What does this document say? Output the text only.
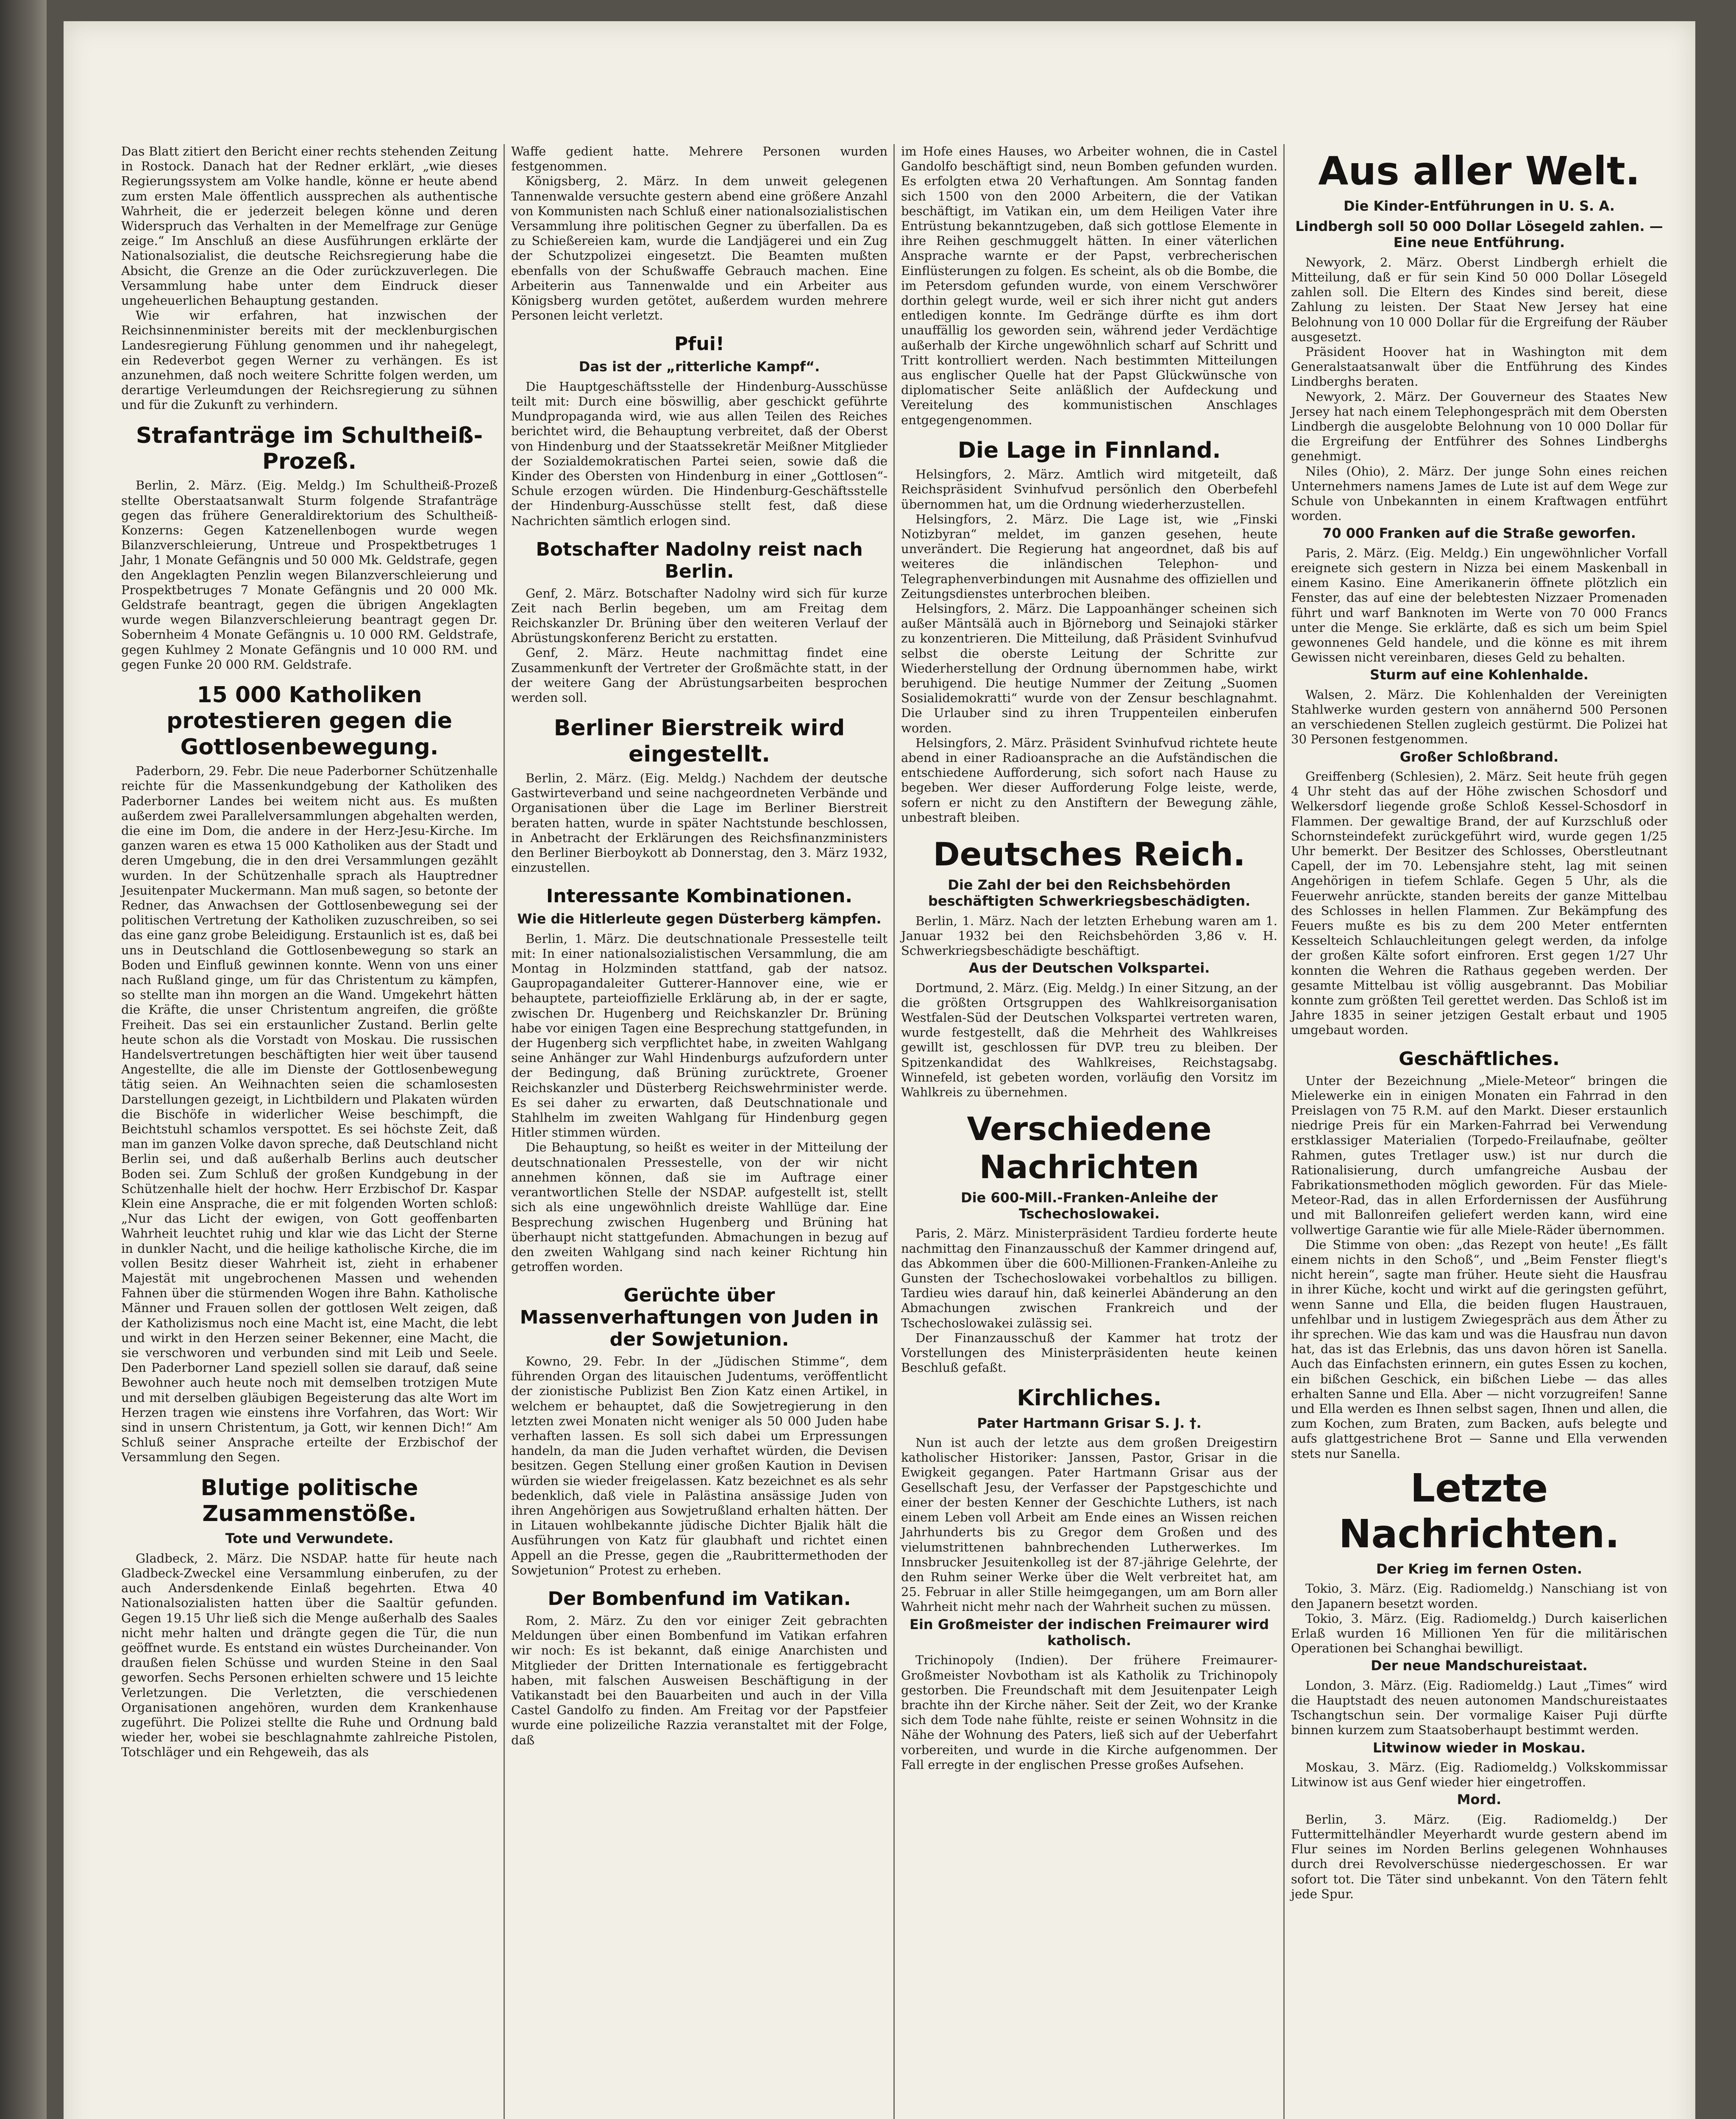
Das Blatt zitiert den Bericht einer rechts stehenden Zeitung in Rostock. Danach hat der Redner erklärt, „wie dieses Regierungssystem am Volke handle, könne er heute abend zum ersten Male öffentlich aussprechen als authentische Wahrheit, die er jederzeit belegen könne und deren Widerspruch das Verhalten in der Memelfrage zur Genüge zeige.“ Im Anschluß an diese Ausführungen erklärte der Nationalsozialist, die deutsche Reichsregierung habe die Absicht, die Grenze an die Oder zurückzuverlegen. Die Versammlung habe unter dem Eindruck dieser ungeheuerlichen Behauptung gestanden.

Wie wir erfahren, hat inzwischen der Reichsinnenminister bereits mit der mecklenburgischen Landesregierung Fühlung genommen und ihr nahegelegt, ein Redeverbot gegen Werner zu verhängen. Es ist anzunehmen, daß noch weitere Schritte folgen werden, um derartige Verleumdungen der Reichsregierung zu sühnen und für die Zukunft zu verhindern.

Strafanträge im Schultheiß-Prozeß.

Berlin, 2. März. (Eig. Meldg.) Im Schultheiß-Prozeß stellte Oberstaatsanwalt Sturm folgende Strafanträge gegen das frühere Generaldirektorium des Schultheiß-Konzerns: Gegen Katzenellenbogen wurde wegen Bilanzverschleierung, Untreue und Prospektbetruges 1 Jahr, 1 Monate Gefängnis und 50 000 Mk. Geldstrafe, gegen den Angeklagten Penzlin wegen Bilanzverschleierung und Prospektbetruges 7 Monate Gefängnis und 20 000 Mk. Geldstrafe beantragt, gegen die übrigen Angeklagten wurde wegen Bilanzverschleierung beantragt gegen Dr. Sobernheim 4 Monate Gefängnis u. 10 000 RM. Geldstrafe, gegen Kuhlmey 2 Monate Gefängnis und 10 000 RM. und gegen Funke 20 000 RM. Geldstrafe.

15 000 Katholiken protestieren gegen die Gottlosenbewegung.

Paderborn, 29. Febr. Die neue Paderborner Schützenhalle reichte für die Massenkundgebung der Katholiken des Paderborner Landes bei weitem nicht aus. Es mußten außerdem zwei Parallelversammlungen abgehalten werden, die eine im Dom, die andere in der Herz-Jesu-Kirche. Im ganzen waren es etwa 15 000 Katholiken aus der Stadt und deren Umgebung, die in den drei Versammlungen gezählt wurden. In der Schützenhalle sprach als Hauptredner Jesuitenpater Muckermann. Man muß sagen, so betonte der Redner, das Anwachsen der Gottlosenbewegung sei der politischen Vertretung der Katholiken zuzuschreiben, so sei das eine ganz grobe Beleidigung. Erstaunlich ist es, daß bei uns in Deutschland die Gottlosenbewegung so stark an Boden und Einfluß gewinnen konnte. Wenn von uns einer nach Rußland ginge, um für das Christentum zu kämpfen, so stellte man ihn morgen an die Wand. Umgekehrt hätten die Kräfte, die unser Christentum angreifen, die größte Freiheit. Das sei ein erstaunlicher Zustand. Berlin gelte heute schon als die Vorstadt von Moskau. Die russischen Handelsvertretungen beschäftigten hier weit über tausend Angestellte, die alle im Dienste der Gottlosenbewegung tätig seien. An Weihnachten seien die schamlosesten Darstellungen gezeigt, in Lichtbildern und Plakaten würden die Bischöfe in widerlicher Weise beschimpft, die Beichtstuhl schamlos verspottet. Es sei höchste Zeit, daß man im ganzen Volke davon spreche, daß Deutschland nicht Berlin sei, und daß außerhalb Berlins auch deutscher Boden sei. Zum Schluß der großen Kundgebung in der Schützenhalle hielt der hochw. Herr Erzbischof Dr. Kaspar Klein eine Ansprache, die er mit folgenden Worten schloß: „Nur das Licht der ewigen, von Gott geoffenbarten Wahrheit leuchtet ruhig und klar wie das Licht der Sterne in dunkler Nacht, und die heilige katholische Kirche, die im vollen Besitz dieser Wahrheit ist, zieht in erhabener Majestät mit ungebrochenen Massen und wehenden Fahnen über die stürmenden Wogen ihre Bahn. Katholische Männer und Frauen sollen der gottlosen Welt zeigen, daß der Katholizismus noch eine Macht ist, eine Macht, die lebt und wirkt in den Herzen seiner Bekenner, eine Macht, die sie verschworen und verbunden sind mit Leib und Seele. Den Paderborner Land speziell sollen sie darauf, daß seine Bewohner auch heute noch mit demselben trotzigen Mute und mit derselben gläubigen Begeisterung das alte Wort im Herzen tragen wie einstens ihre Vorfahren, das Wort: Wir sind in unsern Christentum, ja Gott, wir kennen Dich!“ Am Schluß seiner Ansprache erteilte der Erzbischof der Versammlung den Segen.

Blutige politische Zusammenstöße.
Tote und Verwundete.

Gladbeck, 2. März. Die NSDAP. hatte für heute nach Gladbeck-Zweckel eine Versammlung einberufen, zu der auch Andersdenkende Einlaß begehrten. Etwa 40 Nationalsozialisten hatten über die Saaltür gefunden. Gegen 19.15 Uhr ließ sich die Menge außerhalb des Saales nicht mehr halten und drängte gegen die Tür, die nun geöffnet wurde. Es entstand ein wüstes Durcheinander. Von draußen fielen Schüsse und wurden Steine in den Saal geworfen. Sechs Personen erhielten schwere und 15 leichte Verletzungen. Die Verletzten, die verschiedenen Organisationen angehören, wurden dem Krankenhause zugeführt. Die Polizei stellte die Ruhe und Ordnung bald wieder her, wobei sie beschlagnahmte zahlreiche Pistolen, Totschläger und ein Rehgeweih, das als

Waffe gedient hatte. Mehrere Personen wurden festgenommen.

Königsberg, 2. März. In dem unweit gelegenen Tannenwalde versuchte gestern abend eine größere Anzahl von Kommunisten nach Schluß einer nationalsozialistischen Versammlung ihre politischen Gegner zu überfallen. Da es zu Schießereien kam, wurde die Landjägerei und ein Zug der Schutzpolizei eingesetzt. Die Beamten mußten ebenfalls von der Schußwaffe Gebrauch machen. Eine Arbeiterin aus Tannenwalde und ein Arbeiter aus Königsberg wurden getötet, außerdem wurden mehrere Personen leicht verletzt.

Pfui!
Das ist der „ritterliche Kampf“.

Die Hauptgeschäftsstelle der Hindenburg-Ausschüsse teilt mit: Durch eine böswillig, aber geschickt geführte Mundpropaganda wird, wie aus allen Teilen des Reiches berichtet wird, die Behauptung verbreitet, daß der Oberst von Hindenburg und der Staatssekretär Meißner Mitglieder der Sozialdemokratischen Partei seien, sowie daß die Kinder des Obersten von Hindenburg in einer „Gottlosen“-Schule erzogen würden. Die Hindenburg-Geschäftsstelle der Hindenburg-Ausschüsse stellt fest, daß diese Nachrichten sämtlich erlogen sind.

Botschafter Nadolny reist nach Berlin.

Genf, 2. März. Botschafter Nadolny wird sich für kurze Zeit nach Berlin begeben, um am Freitag dem Reichskanzler Dr. Brüning über den weiteren Verlauf der Abrüstungskonferenz Bericht zu erstatten.

Genf, 2. März. Heute nachmittag findet eine Zusammenkunft der Vertreter der Großmächte statt, in der der weitere Gang der Abrüstungsarbeiten besprochen werden soll.

Berliner Bierstreik wird eingestellt.

Berlin, 2. März. (Eig. Meldg.) Nachdem der deutsche Gastwirteverband und seine nachgeordneten Verbände und Organisationen über die Lage im Berliner Bierstreit beraten hatten, wurde in später Nachtstunde beschlossen, in Anbetracht der Erklärungen des Reichsfinanzministers den Berliner Bierboykott ab Donnerstag, den 3. März 1932, einzustellen.

Interessante Kombinationen.
Wie die Hitlerleute gegen Düsterberg kämpfen.

Berlin, 1. März. Die deutschnationale Pressestelle teilt mit: In einer nationalsozialistischen Versammlung, die am Montag in Holzminden stattfand, gab der natsoz. Gaupropagandaleiter Gutterer-Hannover eine, wie er behauptete, parteiofﬁzielle Erklärung ab, in der er sagte, zwischen Dr. Hugenberg und Reichskanzler Dr. Brüning habe vor einigen Tagen eine Besprechung stattgefunden, in der Hugenberg sich verpflichtet habe, in zweiten Wahlgang seine Anhänger zur Wahl Hindenburgs aufzufordern unter der Bedingung, daß Brüning zurücktrete, Groener Reichskanzler und Düsterberg Reichswehrminister werde. Es sei daher zu erwarten, daß Deutschnationale und Stahlhelm im zweiten Wahlgang für Hindenburg gegen Hitler stimmen würden.

Die Behauptung, so heißt es weiter in der Mitteilung der deutschnationalen Pressestelle, von der wir nicht annehmen können, daß sie im Auftrage einer verantwortlichen Stelle der NSDAP. aufgestellt ist, stellt sich als eine ungewöhnlich dreiste Wahllüge dar. Eine Besprechung zwischen Hugenberg und Brüning hat überhaupt nicht stattgefunden. Abmachungen in bezug auf den zweiten Wahlgang sind nach keiner Richtung hin getroffen worden.

Gerüchte über Massenverhaftungen von Juden in der Sowjetunion.

Kowno, 29. Febr. In der „Jüdischen Stimme“, dem führenden Organ des litauischen Judentums, veröffentlicht der zionistische Publizist Ben Zion Katz einen Artikel, in welchem er behauptet, daß die Sowjetregierung in den letzten zwei Monaten nicht weniger als 50 000 Juden habe verhaften lassen. Es soll sich dabei um Erpressungen handeln, da man die Juden verhaftet würden, die Devisen besitzen. Gegen Stellung einer großen Kaution in Devisen würden sie wieder freigelassen. Katz bezeichnet es als sehr bedenklich, daß viele in Palästina ansässige Juden von ihren Angehörigen aus Sowjetrußland erhalten hätten. Der in Litauen wohlbekannte jüdische Dichter Bjalik hält die Ausführungen von Katz für glaubhaft und richtet einen Appell an die Presse, gegen die „Raubrittermethoden der Sowjetunion“ Protest zu erheben.

Der Bombenfund im Vatikan.

Rom, 2. März. Zu den vor einiger Zeit gebrachten Meldungen über einen Bombenfund im Vatikan erfahren wir noch: Es ist bekannt, daß einige Anarchisten und Mitglieder der Dritten Internationale es fertiggebracht haben, mit falschen Ausweisen Beschäftigung in der Vatikanstadt bei den Bauarbeiten und auch in der Villa Castel Gandolfo zu finden. Am Freitag vor der Papstfeier wurde eine polizeiliche Razzia veranstaltet mit der Folge, daß

im Hofe eines Hauses, wo Arbeiter wohnen, die in Castel Gandolfo beschäftigt sind, neun Bomben gefunden wurden. Es erfolgten etwa 20 Verhaftungen. Am Sonntag fanden sich 1500 von den 2000 Arbeitern, die der Vatikan beschäftigt, im Vatikan ein, um dem Heiligen Vater ihre Entrüstung bekanntzugeben, daß sich gottlose Elemente in ihre Reihen geschmuggelt hätten. In einer väterlichen Ansprache warnte er der Papst, verbrecherischen Einflüsterungen zu folgen. Es scheint, als ob die Bombe, die im Petersdom gefunden wurde, von einem Verschwörer dorthin gelegt wurde, weil er sich ihrer nicht gut anders entledigen konnte. Im Gedränge dürfte es ihm dort unauffällig los geworden sein, während jeder Verdächtige außerhalb der Kirche ungewöhnlich scharf auf Schritt und Tritt kontrolliert werden. Nach bestimmten Mitteilungen aus englischer Quelle hat der Papst Glückwünsche von diplomatischer Seite anläßlich der Aufdeckung und Vereitelung des kommunistischen Anschlages entgegengenommen.

Die Lage in Finnland.

Helsingfors, 2. März. Amtlich wird mitgeteilt, daß Reichspräsident Svinhufvud persönlich den Oberbefehl übernommen hat, um die Ordnung wiederherzustellen.

Helsingfors, 2. März. Die Lage ist, wie „Finski Notizbyran“ meldet, im ganzen gesehen, heute unverändert. Die Regierung hat angeordnet, daß bis auf weiteres die inländischen Telephon- und Telegraphenverbindungen mit Ausnahme des offiziellen und Zeitungsdienstes unterbrochen bleiben.

Helsingfors, 2. März. Die Lappoanhänger scheinen sich außer Mäntsälä auch in Björneborg und Seinajoki stärker zu konzentrieren. Die Mitteilung, daß Präsident Svinhufvud selbst die oberste Leitung der Schritte zur Wiederherstellung der Ordnung übernommen habe, wirkt beruhigend. Die heutige Nummer der Zeitung „Suomen Sosialidemokratti“ wurde von der Zensur beschlagnahmt. Die Urlauber sind zu ihren Truppenteilen einberufen worden.

Helsingfors, 2. März. Präsident Svinhufvud richtete heute abend in einer Radioansprache an die Aufständischen die entschiedene Aufforderung, sich sofort nach Hause zu begeben. Wer dieser Aufforderung Folge leiste, werde, sofern er nicht zu den Anstiftern der Bewegung zähle, unbestraft bleiben.

Deutsches Reich.
Die Zahl der bei den Reichsbehörden beschäftigten Schwerkriegsbeschädigten.

Berlin, 1. März. Nach der letzten Erhebung waren am 1. Januar 1932 bei den Reichsbehörden 3,86 v. H. Schwerkriegsbeschädigte beschäftigt.

Aus der Deutschen Volkspartei.

Dortmund, 2. März. (Eig. Meldg.) In einer Sitzung, an der die größten Ortsgruppen des Wahlkreisorganisation Westfalen-Süd der Deutschen Volkspartei vertreten waren, wurde festgestellt, daß die Mehrheit des Wahlkreises gewillt ist, geschlossen für DVP. treu zu bleiben. Der Spitzenkandidat des Wahlkreises, Reichstagsabg. Winnefeld, ist gebeten worden, vorläufig den Vorsitz im Wahlkreis zu übernehmen.

Verschiedene Nachrichten
Die 600-Mill.-Franken-Anleihe der Tschechoslowakei.

Paris, 2. März. Ministerpräsident Tardieu forderte heute nachmittag den Finanzausschuß der Kammer dringend auf, das Abkommen über die 600-Millionen-Franken-Anleihe zu Gunsten der Tschechoslowakei vorbehaltlos zu billigen. Tardieu wies darauf hin, daß keinerlei Abänderung an den Abmachungen zwischen Frankreich und der Tschechoslowakei zulässig sei.

Der Finanzausschuß der Kammer hat trotz der Vorstellungen des Ministerpräsidenten heute keinen Beschluß gefaßt.

Kirchliches.
Pater Hartmann Grisar S. J. †.

Nun ist auch der letzte aus dem großen Dreigestirn katholischer Historiker: Janssen, Pastor, Grisar in die Ewigkeit gegangen. Pater Hartmann Grisar aus der Gesellschaft Jesu, der Verfasser der Papstgeschichte und einer der besten Kenner der Geschichte Luthers, ist nach einem Leben voll Arbeit am Ende eines an Wissen reichen Jahrhunderts bis zu Gregor dem Großen und des vielumstrittenen bahnbrechenden Lutherwerkes. Im Innsbrucker Jesuitenkolleg ist der 87-jährige Gelehrte, der den Ruhm seiner Werke über die Welt verbreitet hat, am 25. Februar in aller Stille heimgegangen, um am Born aller Wahrheit nicht mehr nach der Wahrheit suchen zu müssen.

Ein Großmeister der indischen Freimaurer wird katholisch.

Trichinopoly (Indien). Der frühere Freimaurer-Großmeister Novbotham ist als Katholik zu Trichinopoly gestorben. Die Freundschaft mit dem Jesuitenpater Leigh brachte ihn der Kirche näher. Seit der Zeit, wo der Kranke sich dem Tode nahe fühlte, reiste er seinen Wohnsitz in die Nähe der Wohnung des Paters, ließ sich auf der Ueberfahrt vorbereiten, und wurde in die Kirche aufgenommen. Der Fall erregte in der englischen Presse großes Aufsehen.

Aus aller Welt.
Die Kinder-Entführungen in U. S. A.
Lindbergh soll 50 000 Dollar Lösegeld zahlen. — Eine neue Entführung.

Newyork, 2. März. Oberst Lindbergh erhielt die Mitteilung, daß er für sein Kind 50 000 Dollar Lösegeld zahlen soll. Die Eltern des Kindes sind bereit, diese Zahlung zu leisten. Der Staat New Jersey hat eine Belohnung von 10 000 Dollar für die Ergreifung der Räuber ausgesetzt.

Präsident Hoover hat in Washington mit dem Generalstaatsanwalt über die Entführung des Kindes Lindberghs beraten.

Newyork, 2. März. Der Gouverneur des Staates New Jersey hat nach einem Telephongespräch mit dem Obersten Lindbergh die ausgelobte Belohnung von 10 000 Dollar für die Ergreifung der Entführer des Sohnes Lindberghs genehmigt.

Niles (Ohio), 2. März. Der junge Sohn eines reichen Unternehmers namens James de Lute ist auf dem Wege zur Schule von Unbekannten in einem Kraftwagen entführt worden.

70 000 Franken auf die Straße geworfen.

Paris, 2. März. (Eig. Meldg.) Ein ungewöhnlicher Vorfall ereignete sich gestern in Nizza bei einem Maskenball in einem Kasino. Eine Amerikanerin öffnete plötzlich ein Fenster, das auf eine der belebtesten Nizzaer Promenaden führt und warf Banknoten im Werte von 70 000 Francs unter die Menge. Sie erklärte, daß es sich um beim Spiel gewonnenes Geld handele, und die könne es mit ihrem Gewissen nicht vereinbaren, dieses Geld zu behalten.

Sturm auf eine Kohlenhalde.

Walsen, 2. März. Die Kohlenhalden der Vereinigten Stahlwerke wurden gestern von annähernd 500 Personen an verschiedenen Stellen zugleich gestürmt. Die Polizei hat 30 Personen festgenommen.

Großer Schloßbrand.

Greiffenberg (Schlesien), 2. März. Seit heute früh gegen 4 Uhr steht das auf der Höhe zwischen Schosdorf und Welkersdorf liegende große Schloß Kessel-Schosdorf in Flammen. Der gewaltige Brand, der auf Kurzschluß oder Schornsteindefekt zurückgeführt wird, wurde gegen 1/25 Uhr bemerkt. Der Besitzer des Schlosses, Oberstleutnant Capell, der im 70. Lebensjahre steht, lag mit seinen Angehörigen in tiefem Schlafe. Gegen 5 Uhr, als die Feuerwehr anrückte, standen bereits der ganze Mittelbau des Schlosses in hellen Flammen. Zur Bekämpfung des Feuers mußte es bis zu dem 200 Meter entfernten Kesselteich Schlauchleitungen gelegt werden, da infolge der großen Kälte sofort einfroren. Erst gegen 1/27 Uhr konnten die Wehren die Rathaus gegeben werden. Der gesamte Mittelbau ist völlig ausgebrannt. Das Mobiliar konnte zum größten Teil gerettet werden. Das Schloß ist im Jahre 1835 in seiner jetzigen Gestalt erbaut und 1905 umgebaut worden.

Geschäftliches.

Unter der Bezeichnung „Miele-Meteor“ bringen die Mielewerke ein in einigen Monaten ein Fahrrad in den Preislagen von 75 R.M. auf den Markt. Dieser erstaunlich niedrige Preis für ein Marken-Fahrrad bei Verwendung erstklassiger Materialien (Torpedo-Freilaufnabe, geölter Rahmen, gutes Tretlager usw.) ist nur durch die Rationalisierung, durch umfangreiche Ausbau der Fabrikationsmethoden möglich geworden. Für das Miele-Meteor-Rad, das in allen Erfordernissen der Ausführung und mit Ballonreifen geliefert werden kann, wird eine vollwertige Garantie wie für alle Miele-Räder übernommen.

Die Stimme von oben: „das Rezept von heute! „Es fällt einem nichts in den Schoß“, und „Beim Fenster fliegt's nicht herein“, sagte man früher. Heute sieht die Hausfrau in ihrer Küche, kocht und wirkt auf die geringsten geführt, wenn Sanne und Ella, die beiden flugen Haustrauen, unfehlbar und in lustigem Zwiegespräch aus dem Äther zu ihr sprechen. Wie das kam und was die Hausfrau nun davon hat, das ist das Erlebnis, das uns davon hören ist Sanella. Auch das Einfachsten erinnern, ein gutes Essen zu kochen, ein bißchen Geschick, ein bißchen Liebe — das alles erhalten Sanne und Ella. Aber — nicht vorzugreifen! Sanne und Ella werden es Ihnen selbst sagen, Ihnen und allen, die zum Kochen, zum Braten, zum Backen, aufs belegte und aufs glattgestrichene Brot — Sanne und Ella verwenden stets nur Sanella.

Letzte Nachrichten.
Der Krieg im fernen Osten.

Tokio, 3. März. (Eig. Radiomeldg.) Nanschiang ist von den Japanern besetzt worden.

Tokio, 3. März. (Eig. Radiomeldg.) Durch kaiserlichen Erlaß wurden 16 Millionen Yen für die militärischen Operationen bei Schanghai bewilligt.

Der neue Mandschureistaat.

London, 3. März. (Eig. Radiomeldg.) Laut „Times“ wird die Hauptstadt des neuen autonomen Mandschureistaates Tschangtschun sein. Der vormalige Kaiser Puji dürfte binnen kurzem zum Staatsoberhaupt bestimmt werden.

Litwinow wieder in Moskau.

Moskau, 3. März. (Eig. Radiomeldg.) Volkskommissar Litwinow ist aus Genf wieder hier eingetroffen.

Mord.

Berlin, 3. März. (Eig. Radiomeldg.) Der Futtermittelhändler Meyerhardt wurde gestern abend im Flur seines im Norden Berlins gelegenen Wohnhauses durch drei Revolverschüsse niedergeschossen. Er war sofort tot. Die Täter sind unbekannt. Von den Tätern fehlt jede Spur.
